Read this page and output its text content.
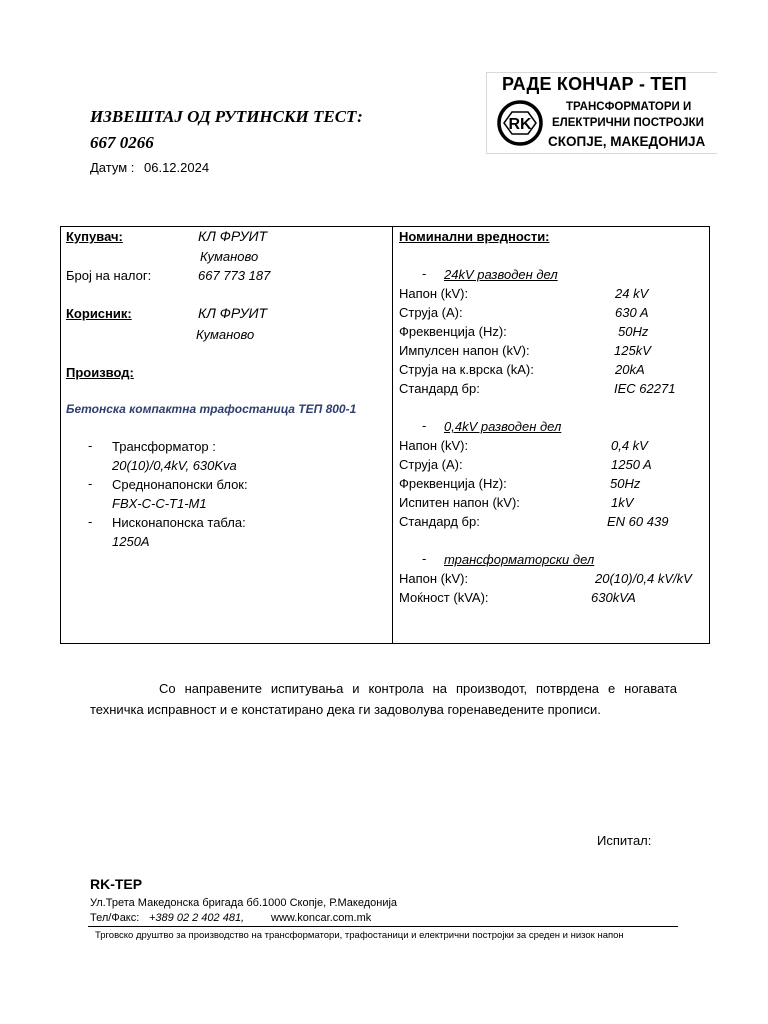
ИЗВЕШТАЈ ОД РУТИНСКИ ТЕСТ:
667 0266
Датум : 06.12.2024
РАДЕ КОНЧАР - ТЕП
RK
ТРАНСФОРМАТОРИ И
ЕЛЕКТРИЧНИ ПОСТРОЈКИ
СКОПЈЕ, МАКЕДОНИЈА
Купувач:	КЛ ФРУИТ
Куманово
Број на налог:	667 773 187
Корисник:	КЛ ФРУИТ
Куманово
Производ:
Бетонска компактна трафостаница ТЕП 800-1
- Трансформатор :
20(10)/0,4kV, 630Kva
- Среднонапонски блок:
FBX-C-C-T1-M1
- Нисконапонска табла:
1250A
Номинални вредности:
- 24kV разводен дел
Напон (kV):	24 kV
Струја (A):	630 A
Фреквенција (Hz):	50Hz
Импулсен напон (kV):	125kV
Струја на к.врска (kA):	20kA
Стандард бр:	IEC 62271
- 0,4kV разводен дел
Напон (kV):	0,4 kV
Струја (A):	1250 A
Фреквенција (Hz):	50Hz
Испитен напон (kV):	1kV
Стандард бр:	EN 60 439
- трансформаторски дел
Напон (kV):	20(10)/0,4 kV/kV
Моќност (kVA):	630kVA
Со направените испитувања и контрола на производот, потврдена е ногавата
техничка исправност и е констатирано дека ги задоволува горенаведените прописи.
Испитал:
RK-TEP
Ул.Трета Македонска бригада бб.1000 Скопје, Р.Македонија
Тел/Факс: +389 02 2 402 481, www.koncar.com.mk
Трговско друштво за производство на трансформатори, трафостаници и електрични постројки за среден и низок напон
